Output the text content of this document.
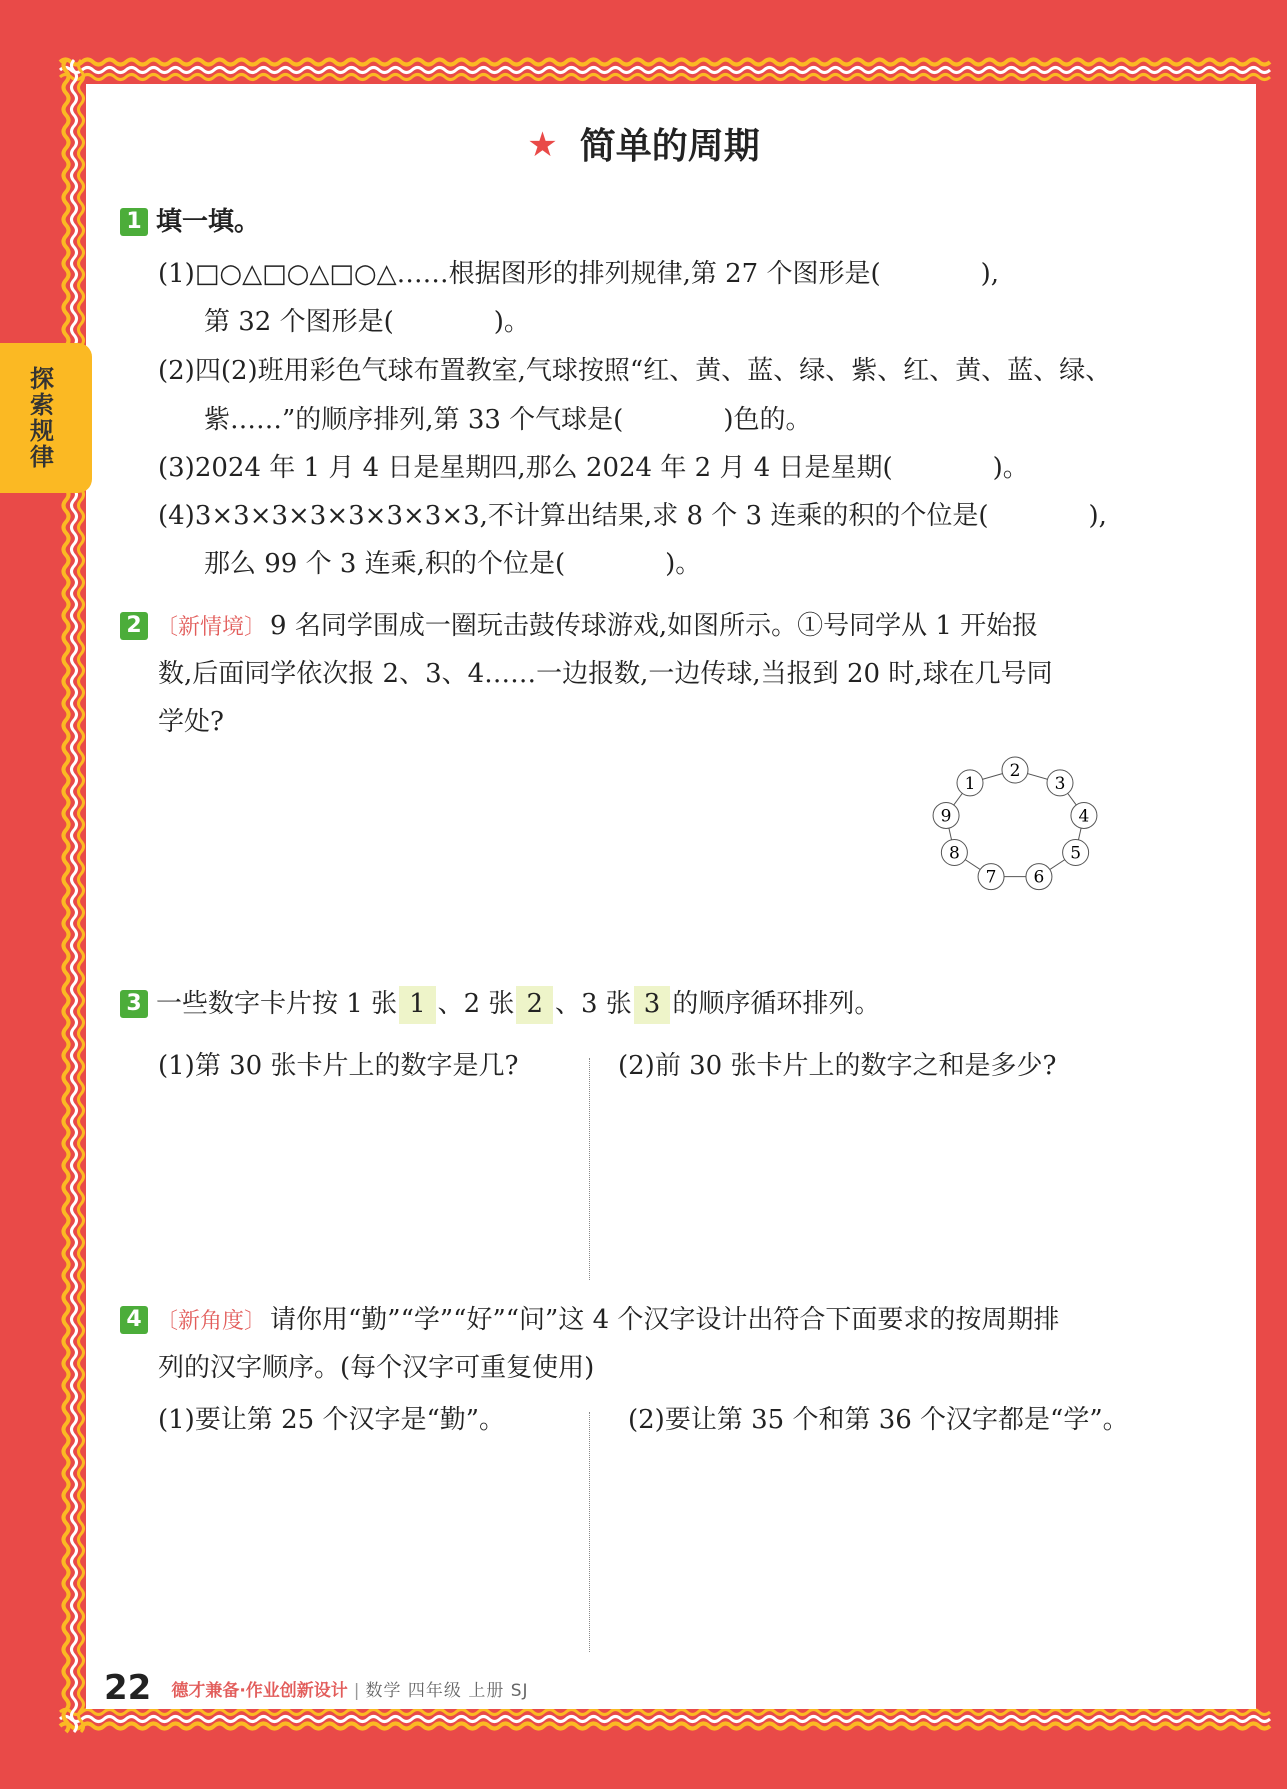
探索规律
★ 简单的周期
1 填一填。
(1)□○△□○△□○△……根据图形的排列规律,第 27 个图形是(	),
第 32 个图形是(	)。
(2)四(2)班用彩色气球布置教室,气球按照“红、黄、蓝、绿、紫、红、黄、蓝、绿、
紫……”的顺序排列,第 33 个气球是(	)色的。
(3)2024 年 1 月 4 日是星期四,那么 2024 年 2 月 4 日是星期(	)。
(4)3×3×3×3×3×3×3×3,不计算出结果,求 8 个 3 连乘的积的个位是(	),
那么 99 个 3 连乘,积的个位是(	)。
2 〔新情境〕 9 名同学围成一圈玩击鼓传球游戏,如图所示。①号同学从 1 开始报
数,后面同学依次报 2、3、4……一边报数,一边传球,当报到 20 时,球在几号同
学处?
1
2
3
4
5
6
7
8
9
3 一些数字卡片按 1 张 1 、2 张 2 、3 张 3 的顺序循环排列。
(1)第 30 张卡片上的数字是几?	(2)前 30 张卡片上的数字之和是多少?
4 〔新角度〕 请你用“勤”“学”“好”“问”这 4 个汉字设计出符合下面要求的按周期排
列的汉字顺序。(每个汉字可重复使用)
(1)要让第 25 个汉字是“勤”。	(2)要让第 35 个和第 36 个汉字都是“学”。
22 德才兼备·作业创新设计 | 数学 四年级 上册 SJ
